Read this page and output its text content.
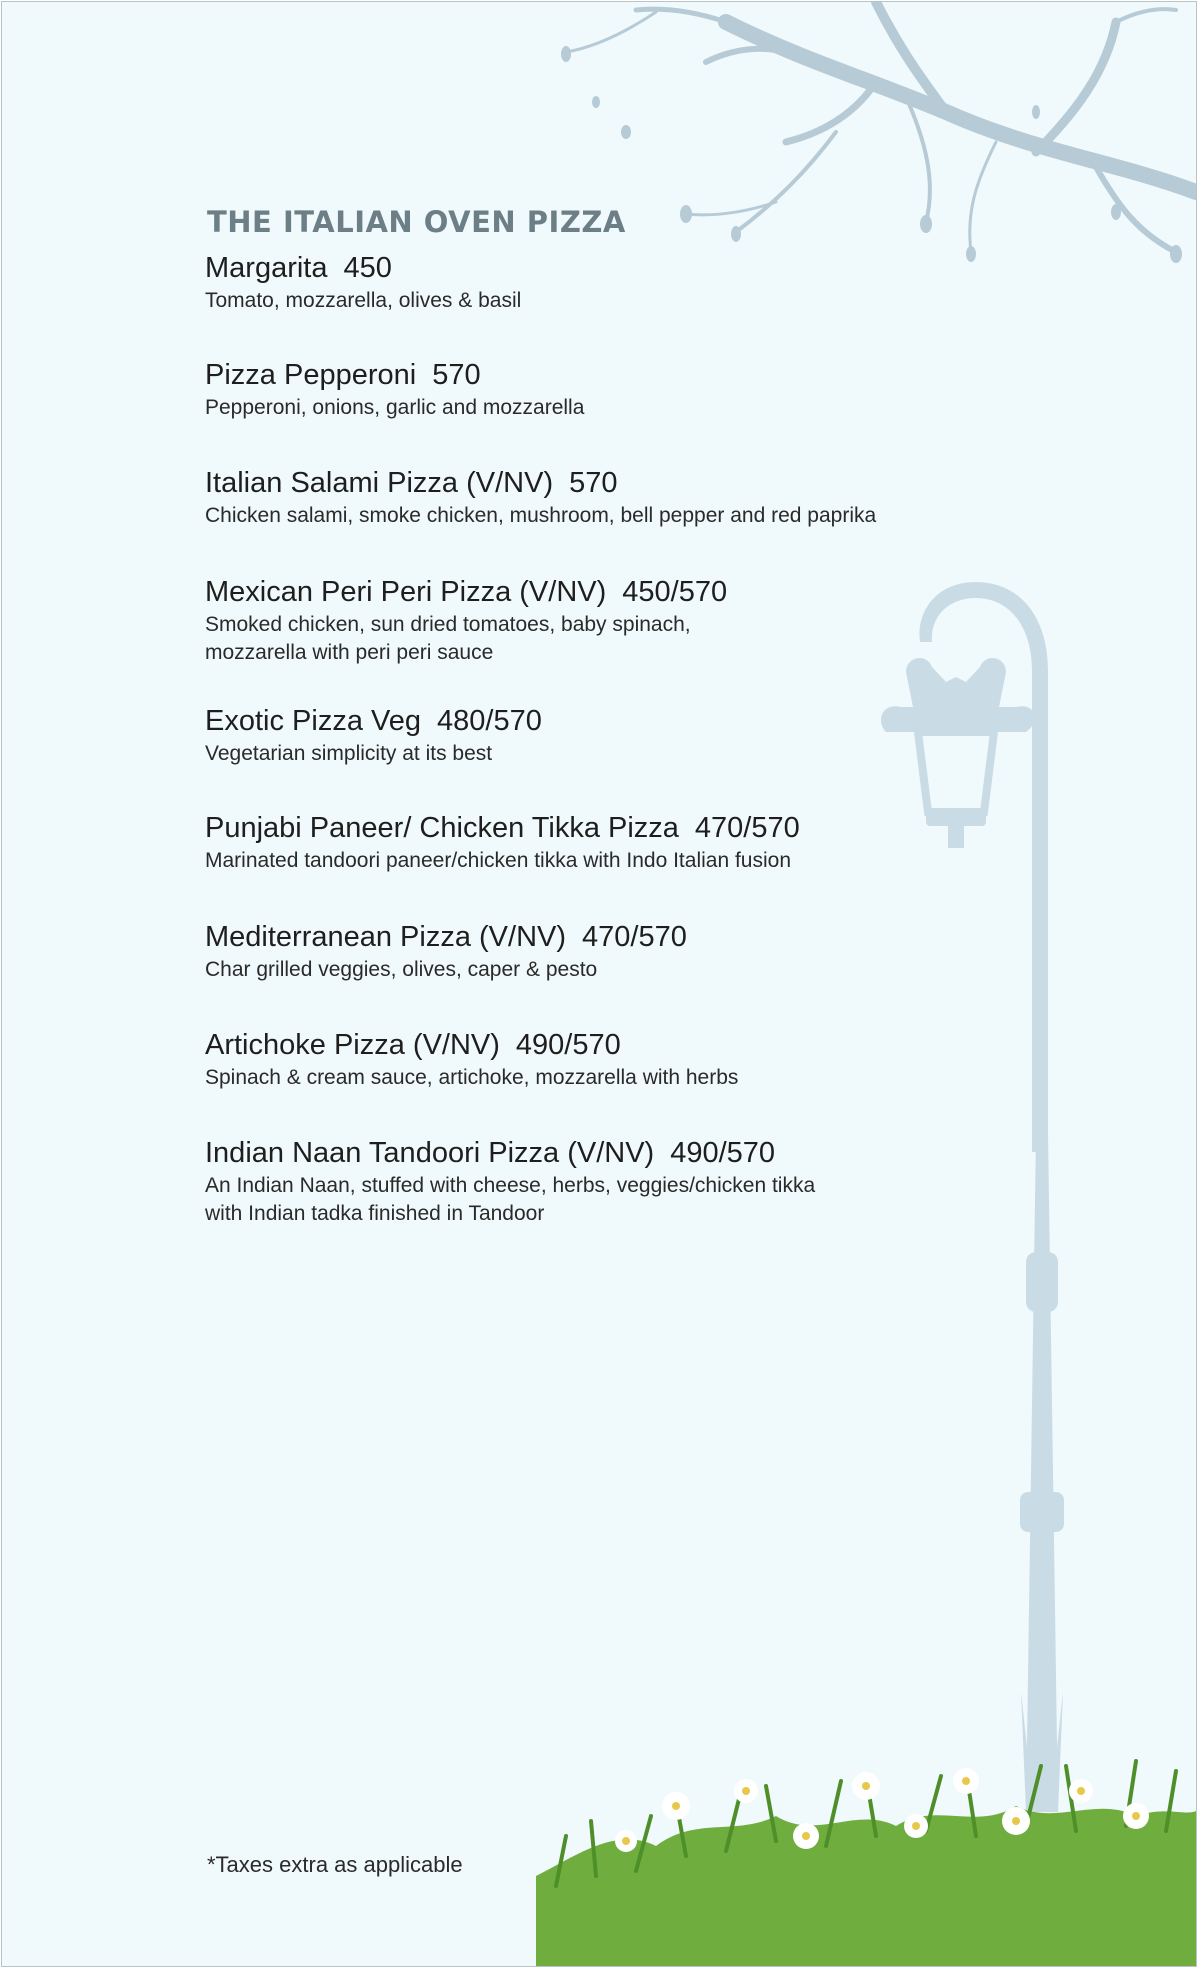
THE ITALIAN OVEN PIZZA
Margarita 450
Tomato, mozzarella, olives & basil
Pizza Pepperoni 570
Pepperoni, onions, garlic and mozzarella
Italian Salami Pizza (V/NV) 570
Chicken salami, smoke chicken, mushroom, bell pepper and red paprika
Mexican Peri Peri Pizza (V/NV) 450/570
Smoked chicken, sun dried tomatoes, baby spinach,
mozzarella with peri peri sauce
Exotic Pizza Veg 480/570
Vegetarian simplicity at its best
Punjabi Paneer/ Chicken Tikka Pizza 470/570
Marinated tandoori paneer/chicken tikka with Indo Italian fusion
Mediterranean Pizza (V/NV) 470/570
Char grilled veggies, olives, caper & pesto
Artichoke Pizza (V/NV) 490/570
Spinach & cream sauce, artichoke, mozzarella with herbs
Indian Naan Tandoori Pizza (V/NV) 490/570
An Indian Naan, stuffed with cheese, herbs, veggies/chicken tikka
with Indian tadka finished in Tandoor
*Taxes extra as applicable
